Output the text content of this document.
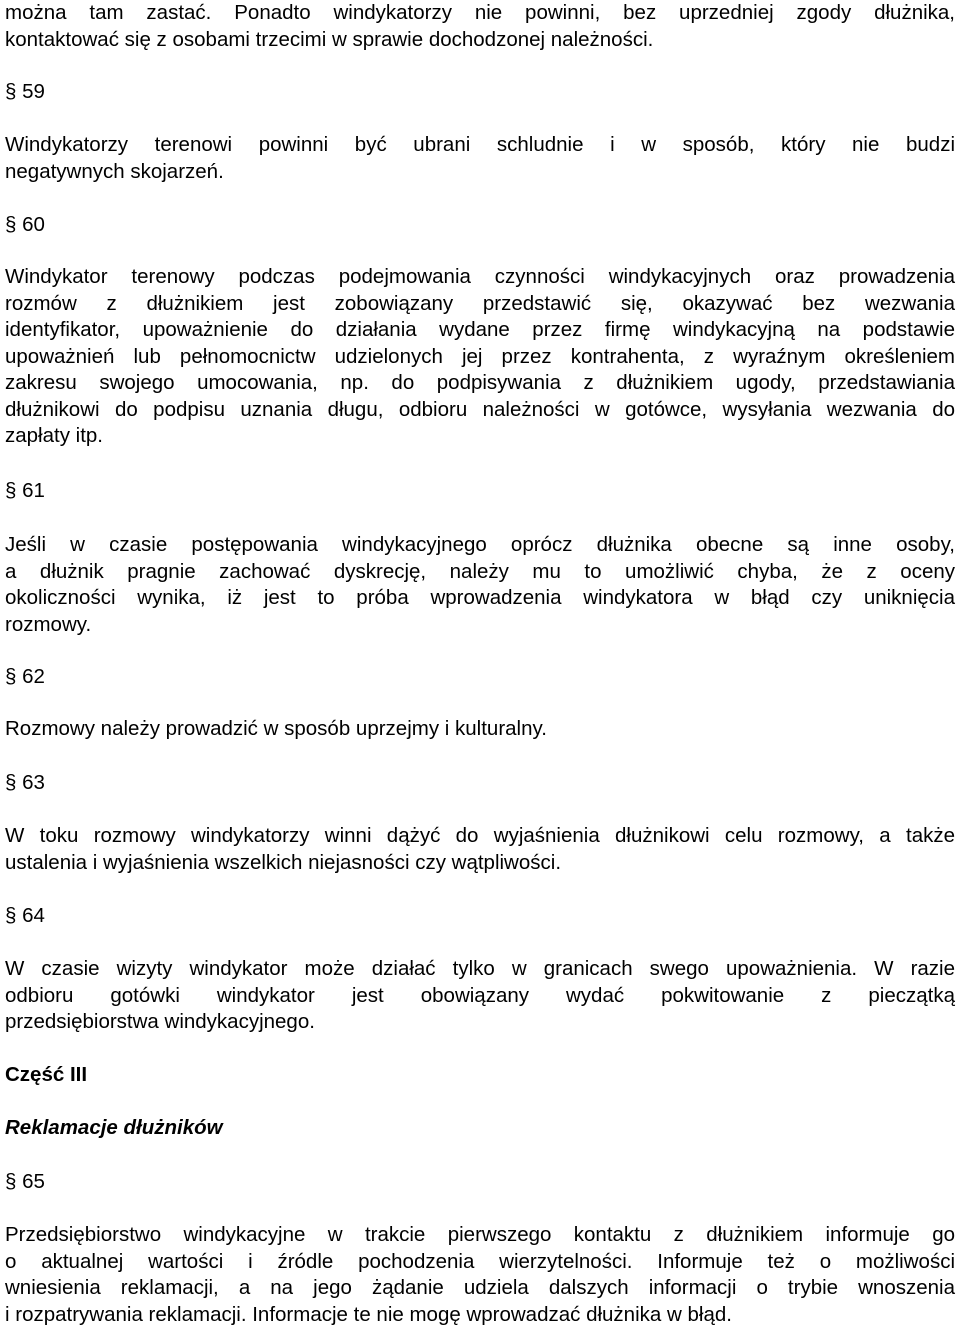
można tam zastać. Ponadto windykatorzy nie powinni, bez uprzedniej zgody dłużnika,
kontaktować się z osobami trzecimi w sprawie dochodzonej należności.
§ 59
Windykatorzy terenowi powinni być ubrani schludnie i w sposób, który nie budzi
negatywnych skojarzeń.
§ 60
Windykator terenowy podczas podejmowania czynności windykacyjnych oraz prowadzenia
rozmów z dłużnikiem jest zobowiązany przedstawić się, okazywać bez wezwania
identyfikator, upoważnienie do działania wydane przez firmę windykacyjną na podstawie
upoważnień lub pełnomocnictw udzielonych jej przez kontrahenta, z wyraźnym określeniem
zakresu swojego umocowania, np. do podpisywania z dłużnikiem ugody, przedstawiania
dłużnikowi do podpisu uznania długu, odbioru należności w gotówce, wysyłania wezwania do
zapłaty itp.
§ 61
Jeśli w czasie postępowania windykacyjnego oprócz dłużnika obecne są inne osoby,
a dłużnik pragnie zachować dyskrecję, należy mu to umożliwić chyba, że z oceny
okoliczności wynika, iż jest to próba wprowadzenia windykatora w błąd czy uniknięcia
rozmowy.
§ 62
Rozmowy należy prowadzić w sposób uprzejmy i kulturalny.
§ 63
W toku rozmowy windykatorzy winni dążyć do wyjaśnienia dłużnikowi celu rozmowy, a także
ustalenia i wyjaśnienia wszelkich niejasności czy wątpliwości.
§ 64
W czasie wizyty windykator może działać tylko w granicach swego upoważnienia. W razie
odbioru gotówki windykator jest obowiązany wydać pokwitowanie z pieczątką
przedsiębiorstwa windykacyjnego.
Część III
Reklamacje dłużników
§ 65
Przedsiębiorstwo windykacyjne w trakcie pierwszego kontaktu z dłużnikiem informuje go
o aktualnej wartości i źródle pochodzenia wierzytelności. Informuje też o możliwości
wniesienia reklamacji, a na jego żądanie udziela dalszych informacji o trybie wnoszenia
i rozpatrywania reklamacji. Informacje te nie mogę wprowadzać dłużnika w błąd.
